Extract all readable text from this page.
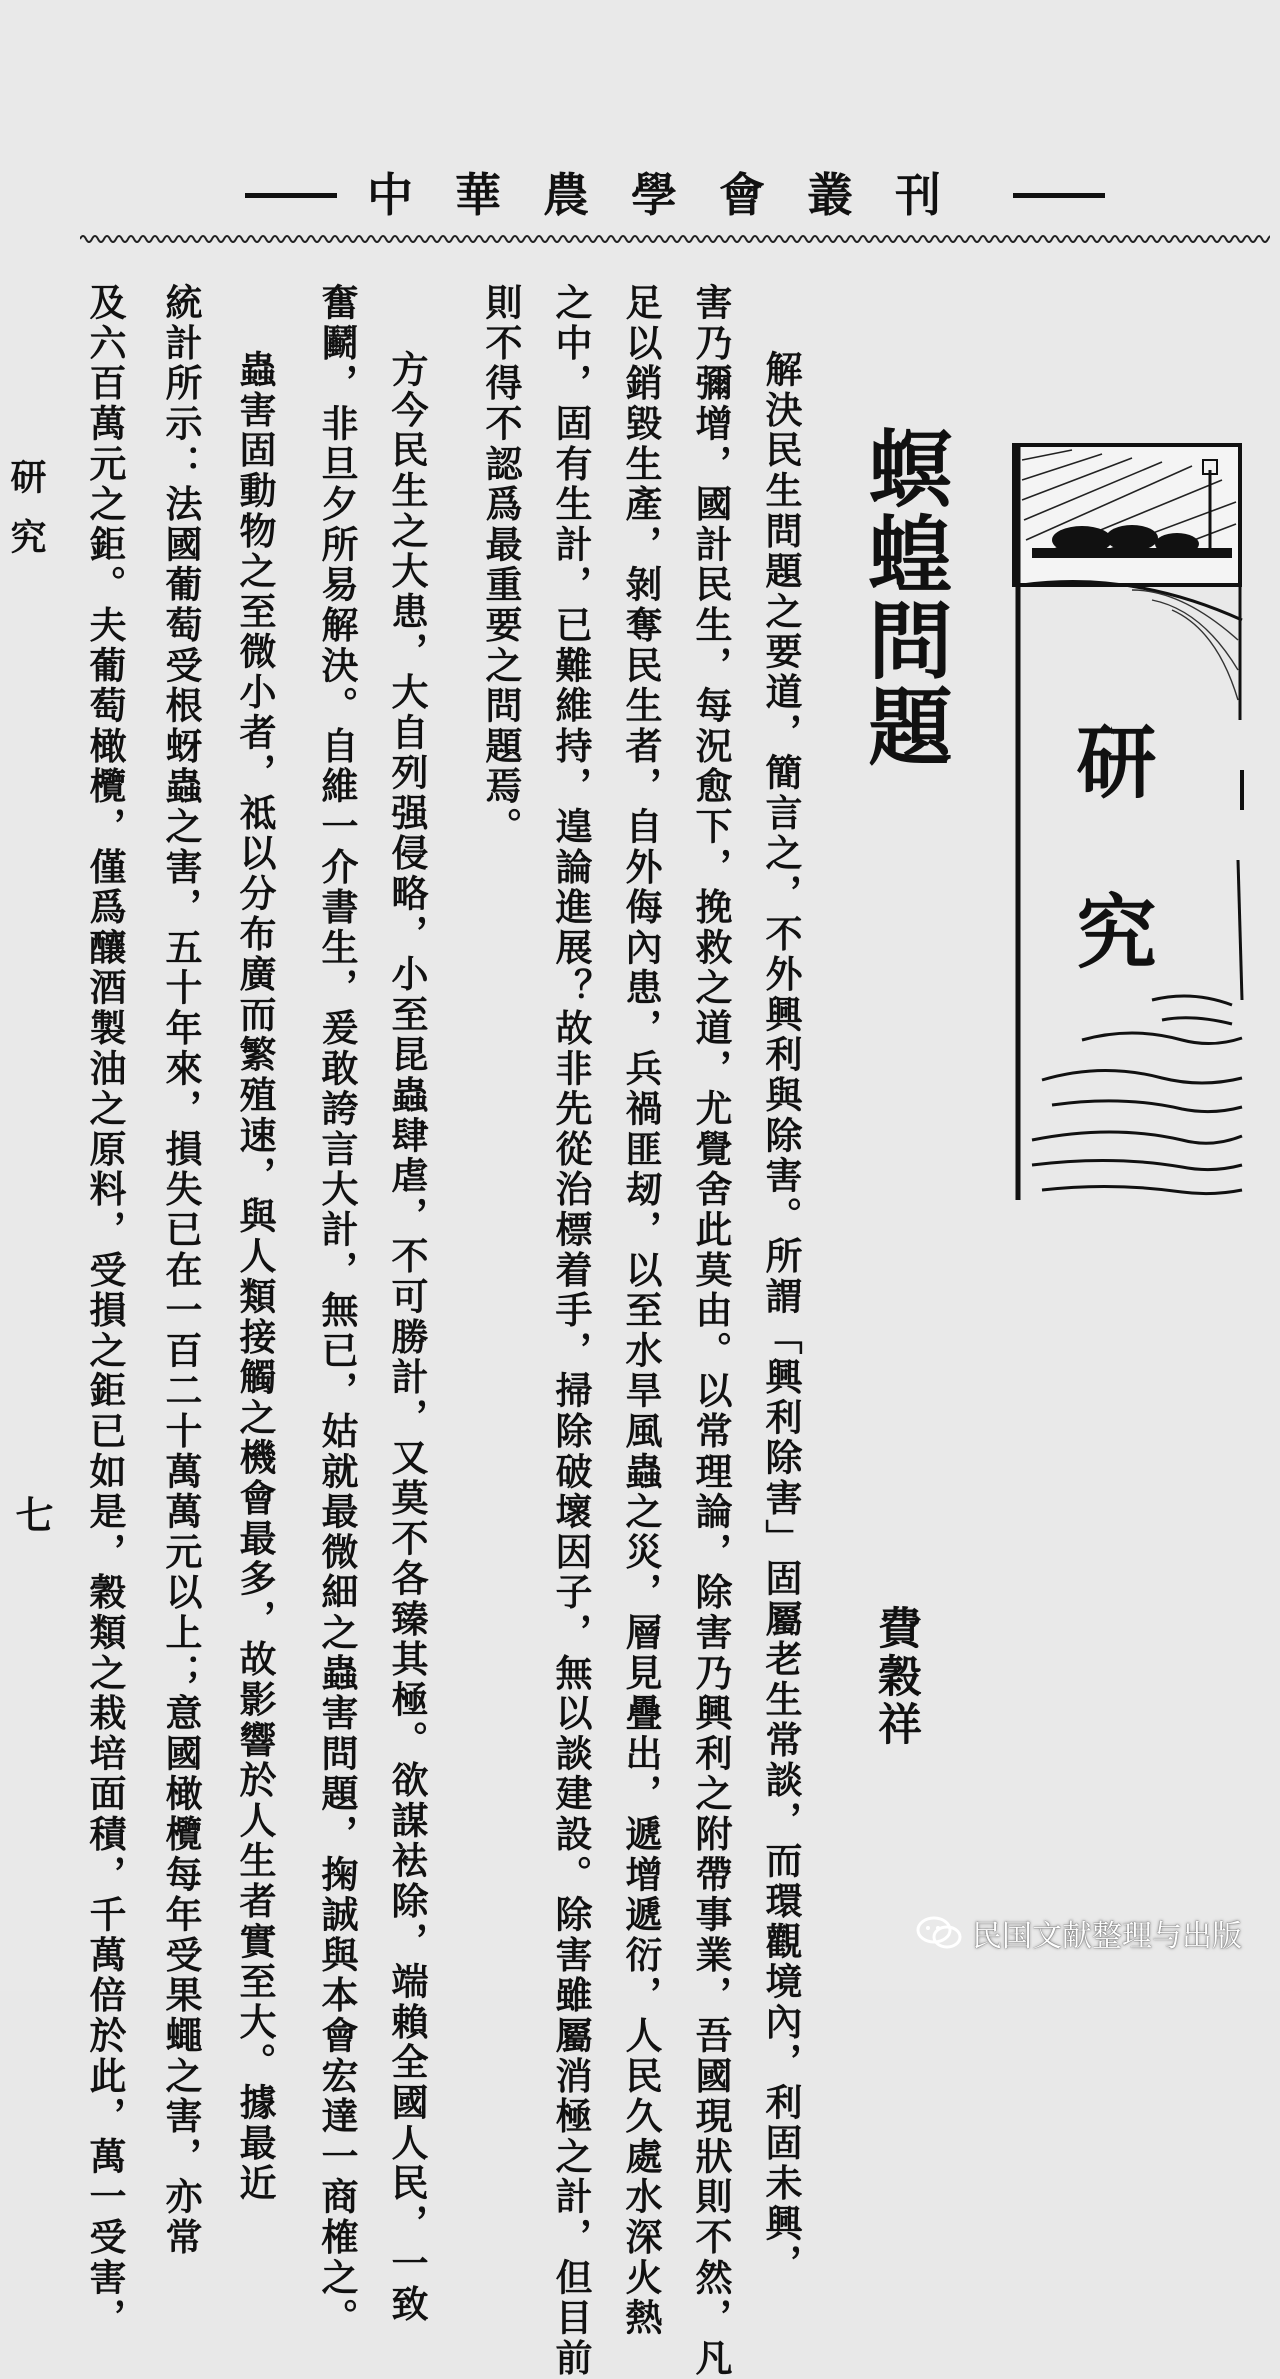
中華農學會叢刊
研究
螟蝗問題
費穀祥
解決民生問題之要道，簡言之，不外興利與除害。所謂「興利除害」固屬老生常談，而環觀境內，利固未興，
害乃彌增，國計民生，每況愈下，挽救之道，尤覺舍此莫由。以常理論，除害乃興利之附帶事業，吾國現狀則不然，凡
足以銷毀生產，剝奪民生者，自外侮內患，兵禍匪刼，以至水旱風蟲之災，層見疊出，遞增遞衍，人民久處水深火熱
之中，固有生計，已難維持，遑論進展？故非先從治標着手，掃除破壞因子，無以談建設。除害雖屬消極之計，但目前
則不得不認爲最重要之問題焉。
方今民生之大患，大自列强侵略，小至昆蟲肆虐，不可勝計，又莫不各臻其極。欲謀袪除，端賴全國人民，一致
奮鬬，非旦夕所易解決。自維一介書生，爰敢誇言大計，無已，姑就最微細之蟲害問題，掬誠與本會宏達一商榷之。
蟲害固動物之至微小者，祗以分布廣而繁殖速，與人類接觸之機會最多，故影響於人生者實至大。據最近
統計所示：法國葡萄受根蚜蟲之害，五十年來，損失已在一百二十萬萬元以上；意國橄欖每年受果蠅之害，亦常
及六百萬元之鉅。夫葡萄橄欖，僅爲釀酒製油之原料，受損之鉅已如是，穀類之栽培面積，千萬倍於此，萬一受害，
研究
七
民国文献整理与出版
